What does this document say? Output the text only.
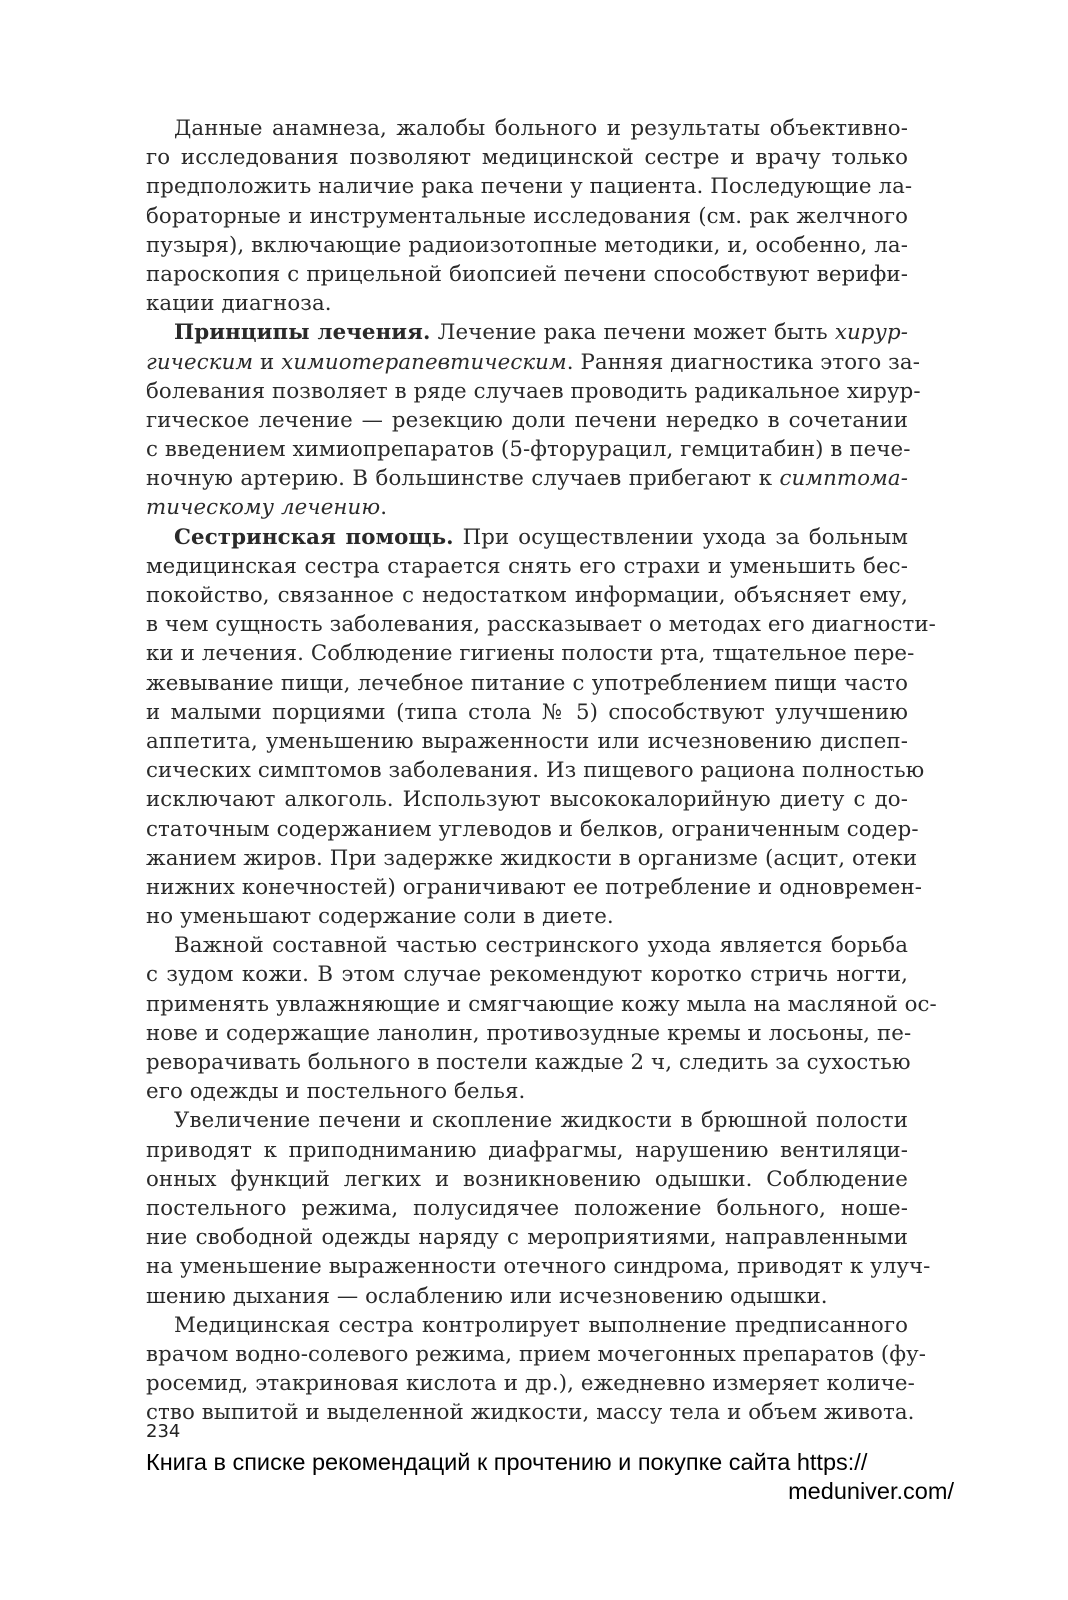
Данные анамнеза, жалобы больного и результаты объективно-
го исследования позволяют медицинской сестре и врачу только
предположить наличие рака печени у пациента. Последующие ла-
бораторные и инструментальные исследования (см. рак желчного
пузыря), включающие радиоизотопные методики, и, особенно, ла-
пароскопия с прицельной биопсией печени способствуют верифи-
кации диагноза.
Принципы лечения. Лечение рака печени может быть хирур-
гическим и химиотерапевтическим. Ранняя диагностика этого за-
болевания позволяет в ряде случаев проводить радикальное хирур-
гическое лечение — резекцию доли печени нередко в сочетании
с введением химиопрепаратов (5-фторурацил, гемцитабин) в пече-
ночную артерию. В большинстве случаев прибегают к симптома-
тическому лечению.
Сестринская помощь. При осуществлении ухода за больным
медицинская сестра старается снять его страхи и уменьшить бес-
покойство, связанное с недостатком информации, объясняет ему,
в чем сущность заболевания, рассказывает о методах его диагности-
ки и лечения. Соблюдение гигиены полости рта, тщательное пере-
жевывание пищи, лечебное питание с употреблением пищи часто
и малыми порциями (типа стола № 5) способствуют улучшению
аппетита, уменьшению выраженности или исчезновению диспеп-
сических симптомов заболевания. Из пищевого рациона полностью
исключают алкоголь. Используют высококалорийную диету с до-
статочным содержанием углеводов и белков, ограниченным содер-
жанием жиров. При задержке жидкости в организме (асцит, отеки
нижних конечностей) ограничивают ее потребление и одновремен-
но уменьшают содержание соли в диете.
Важной составной частью сестринского ухода является борьба
с зудом кожи. В этом случае рекомендуют коротко стричь ногти,
применять увлажняющие и смягчающие кожу мыла на масляной ос-
нове и содержащие ланолин, противозудные кремы и лосьоны, пе-
реворачивать больного в постели каждые 2 ч, следить за сухостью
его одежды и постельного белья.
Увеличение печени и скопление жидкости в брюшной полости
приводят к приподниманию диафрагмы, нарушению вентиляци-
онных функций легких и возникновению одышки. Соблюдение
постельного режима, полусидячее положение больного, ноше-
ние свободной одежды наряду с мероприятиями, направленными
на уменьшение выраженности отечного синдрома, приводят к улуч-
шению дыхания — ослаблению или исчезновению одышки.
Медицинская сестра контролирует выполнение предписанного
врачом водно-солевого режима, прием мочегонных препаратов (фу-
росемид, этакриновая кислота и др.), ежедневно измеряет количе-
ство выпитой и выделенной жидкости, массу тела и объем живота.
234
Книга в списке рекомендаций к прочтению и покупке сайта https://
meduniver.com/
